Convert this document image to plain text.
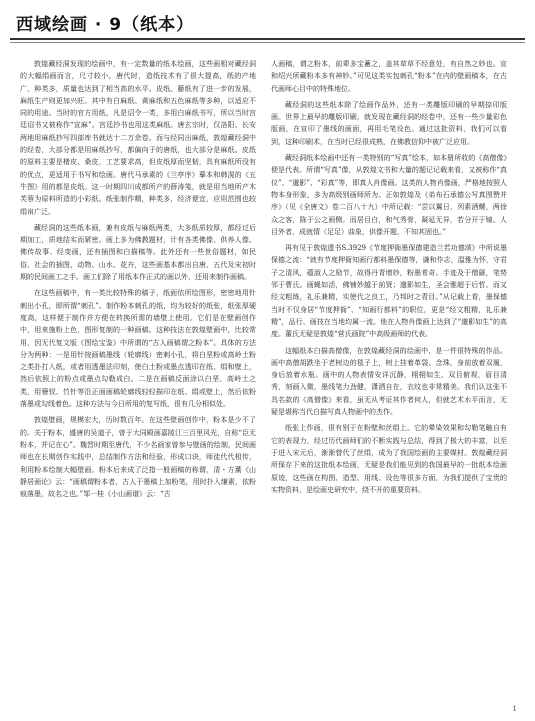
西域绘画 · 9（纸本）

敦煌藏经洞发现的绘画中，有一定数量的纸本绘画，这些画相对藏经洞的大幅绢画而言，尺寸较小。唐代时，造纸技术有了很大提高，纸的产地广、种类多，质量也达到了相当高的水平。皮纸、藤纸有了进一步的发展，麻纸生产则更加兴旺。其中有白麻纸、黄麻纸和五色麻纸等多种，以适应不同的用途。当时的官方用纸，凡是诏令一类，多用白麻纸书写，所以当时宫廷诏书又被称作“宣麻”。宫廷抄书也用这类麻纸。唐玄宗时，仅洛阳、长安两地用麻纸抄写四部库书就达十二万余卷。而与经同出麻纸，敦煌藏经洞中的经卷，大部分都是用麻纸抄写，都偏向于的唐纸，也大部分是麻纸。皮纸的原料主要是楮皮、桑皮，工艺要求高，但皮纸厚而坚韧，具有麻纸所没有的优点，更适用于书写和绘画。唐代马承素的《兰亭序》摹本和韩滉的《五牛图》用的都是皮纸。这一时期四川成都所产的薛涛笺，就是用当地所产木芙蓉为原料所造的小彩纸。纸张制作精，种类多，经济便宜，应用范围也较绢帛广泛。

藏经洞的这些纸本画，兼有皮纸与麻纸两类，大多纸质较厚，都经过后期加工，质地结实而紧密。画上多为佛教题材，计有各类佛像、供养人像、佛传故事、经变画，还有插图和白描稿等。此外还有一些世俗题材，如民俗、社会的插图，动物、山水、花卉，这些画基本都出自唐、五代及宋初时期的民间画工之手。画工们除了用纸本作正式的画以外，还用来制作画稿。

在这些画稿中，有一类比较特殊的稿子，纸面依所绘图形，密密地用针刺出小孔，即所谓“刺孔”。制作粉本刺孔的纸，均为较好的纸张，纸张厚硬度高，这样便于制作并方便在转换所需的墙壁上使用。它们是在壁画创作中，用来施粉上色，图形复制的一种画稿。这种技法在敦煌壁画中，比较常用，因无代复文版《图绘宝鉴》中所谓的“古人画稿谓之粉本”。具体的方法分为两种：一是用针按画稿墨线（轮廓线）密刺小孔，将白垩粉或高岭土粉之类扑打入纸，或者用透墨法印刻，使白土粉或墨点透印在纸、绢和壁上，然后依照上的粉点或墨点勾勒成白。二是在画稿反面涂以白垩、高岭土之类，用簪钗、竹针等沿正面画稿轮廓线轻轻描印在纸、绢或壁上，然后依粉落墨或勾线着色。这种方法与今日所用的复写纸，很有几分相似处。

敦煌壁画，规模宏大，历时数百年。在这些壁画创作中，粉本是少不了的。关于粉本，盛唐的吴道子，曾于大同殿画嘉陵江三百里风光，自称“臣无粉本，并记在心”。魏晋时期至唐代，不少名画家曾参与壁画的绘制，民间画师也在长期创作实践中，总结制作方法和经验，形成口诀，师徒代代相传，利用粉本绘制大幅壁画。粉本后来成了泛指一般画稿的称谓，清・方薰《山静居画论》云：“画稿谓粉本者，古人于墨稿上加粉笔，用时扑入缣素，依粉痕落墨，故名之也。”邹一桂《小山画谱》云：“古

人画稿，谓之粉本，前辈多宝蓄之，盖其草草不经意处，有自然之妙也。宣和绍兴所藏粉本多有神妙。”可见这类实包刺孔“粉本”在内的壁画稿本，在古代画师心目中的特殊地位。

藏经洞的这些纸本除了绘画作品外，还有一类雕版印刷的早期捺印版画。世界上最早的雕版印刷，就发现在藏经洞的经卷中，还有一些少量彩色版画，在宣印了墨线的画面，再用毛笔设色。通过这批资料，我们可以看到，这种印刷术，在当时已经很成熟，在佛教信仰中被广泛应用。

藏经洞纸本绘画中还有一类特别的“写真”绘本，如本册所收的《高僧像》便是代表。所谓“写真”像，从敦煌文书和大量的题记记载来看，又被称作“真仪”、“邈影”、“彩真”等，即真人肖像画。这类的人物肖像画，严格地按照人物本身形象，多为高级别画师所为。正如敦煌及《弟布石承德公写真图赞并序》（见《全唐文》卷二百八十九）中所记载：“尝以翼日，列素酒螺，两徐众之客，陈于公之画侧。而居目白，和气秀骨，凝延无异，若分开于镜。人目外者，成就情（足足）曲象，供像开题，不知其固也。”

再有见于敦煌遗书S.3929《节度押衙墨保德建造兰若功德颂》中所说墨保德之流：“就有节度押衙知画行都料墨保德等，谦和作志，温雅为怀，守君子之清风，蕴淑人之励节，故得丹青增妙，粉墨希奇。手迹及于僧繇，笔势邻于曹氏。画蝇如活，佛铺妙越于前贤；邈影如生，圣会雅超于后哲。而又经文粗练，礼乐兼精，实使代之良工，乃邦时之青目。”从记载上看，墨保德当时不仅身居“节度押衙”、“知画行都料”的职位，更是“经文粗精，礼乐兼精”，品行、画技在当地均属一流。他在人物肖像画上达到了“邈影如生”的高度。董氏无疑是敦煌“营氏画院”中高级画师的代表。

这幅纸本白描高僧像，在敦煌藏经洞的绘画中，是一件很特殊的作品。画中高僧胡跌坐于老树边的毯子上，树上挂着革袋、念珠，身前放着双履，身后放着水瓶。画中的人物表情安详沉静，栩栩如生，双目俯视，眉目清秀，刻画入微，墨线笔力劲健，潇洒自在，衣纹也非常精美。我们认这张不具名款的《高僧像》来看，虽无从考证其作者何人，但就艺术水平而言，无疑是堪称当代白描写真人物画中的杰作。

纸张上作画，很有别于在粉壁和丝绢上。它的晕染效果和勾勒笔触自有它的表现力，经过历代画师们的不断实践与总结，得到了极大的丰富，以至于进入宋元后，渐渐替代了丝绢，成为了我国绘画的主要媒材。敦煌藏经洞所保存下来的这批纸本绘画，无疑是我们能见到的我国最早的一批纸本绘画原迹，这些画在构图、造型、用线、设色等很多方面，为我们提供了宝贵的实物资料，是绘画史研究中，绕不开的重要资料。

1
